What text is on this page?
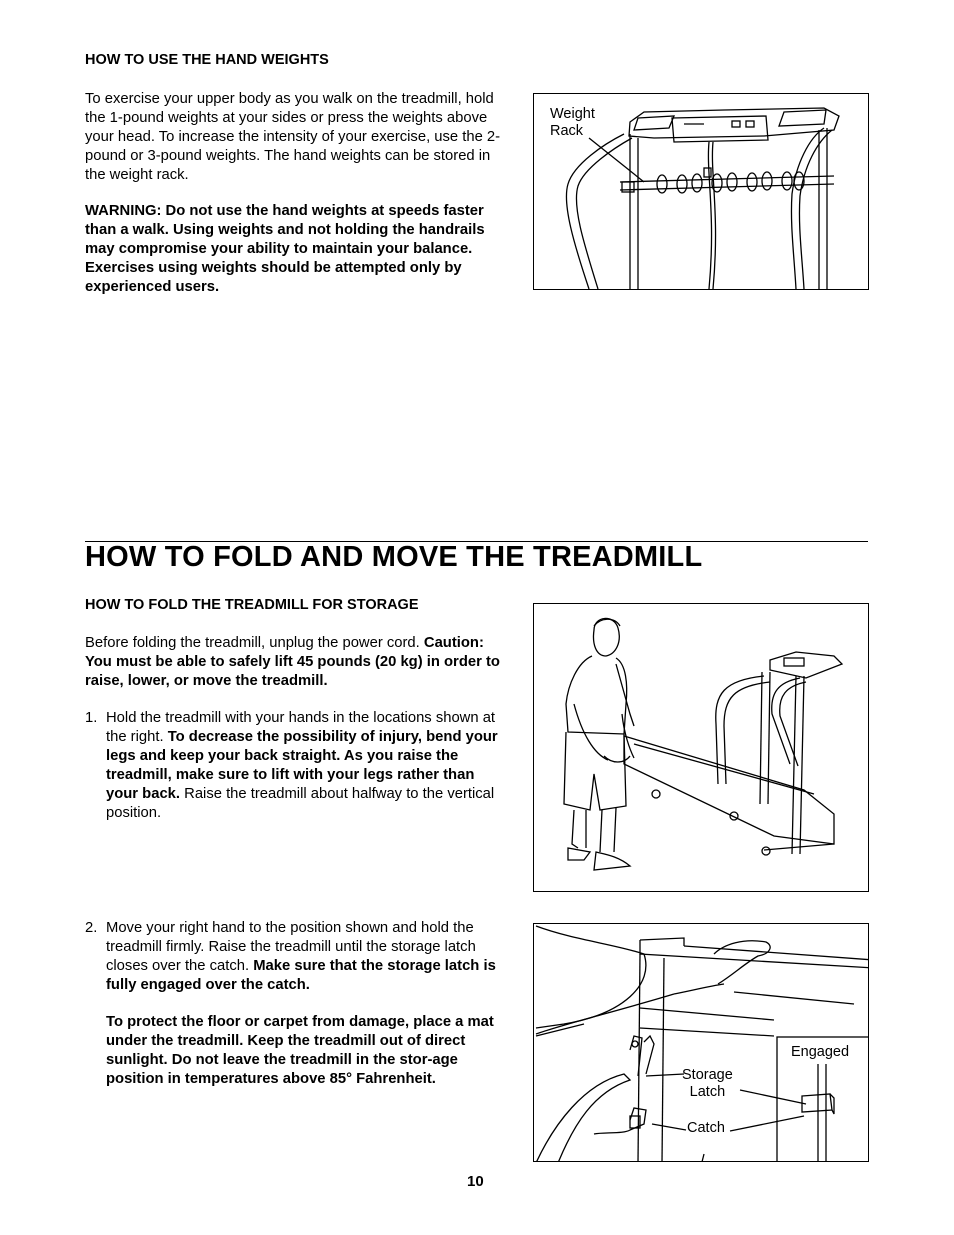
HOW TO USE THE HAND WEIGHTS
To exercise your upper body as you walk on the treadmill, hold the 1-pound weights at your sides or press the weights above your head. To increase the intensity of your exercise, use the 2-pound or 3-pound weights. The hand weights can be stored in the weight rack.
WARNING: Do not use the hand weights at speeds faster than a walk. Using weights and not holding the handrails may compromise your ability to maintain your balance. Exercises using weights should be attempted only by experienced users.
Weight
Rack
HOW TO FOLD AND MOVE THE TREADMILL
HOW TO FOLD THE TREADMILL FOR STORAGE
Before folding the treadmill, unplug the power cord. Caution: You must be able to safely lift 45 pounds (20 kg) in order to raise, lower, or move the treadmill.
1. Hold the treadmill with your hands in the locations shown at the right. To decrease the possibility of injury, bend your legs and keep your back straight. As you raise the treadmill, make sure to lift with your legs rather than your back. Raise the treadmill about halfway to the vertical position.
2. Move your right hand to the position shown and hold the treadmill firmly. Raise the treadmill until the storage latch closes over the catch. Make sure that the storage latch is fully engaged over the catch.
To protect the floor or carpet from damage, place a mat under the treadmill. Keep the treadmill out of direct sunlight. Do not leave the treadmill in the stor-age position in temperatures above 85° Fahrenheit.	Storage
Latch
Catch
Engaged
10
